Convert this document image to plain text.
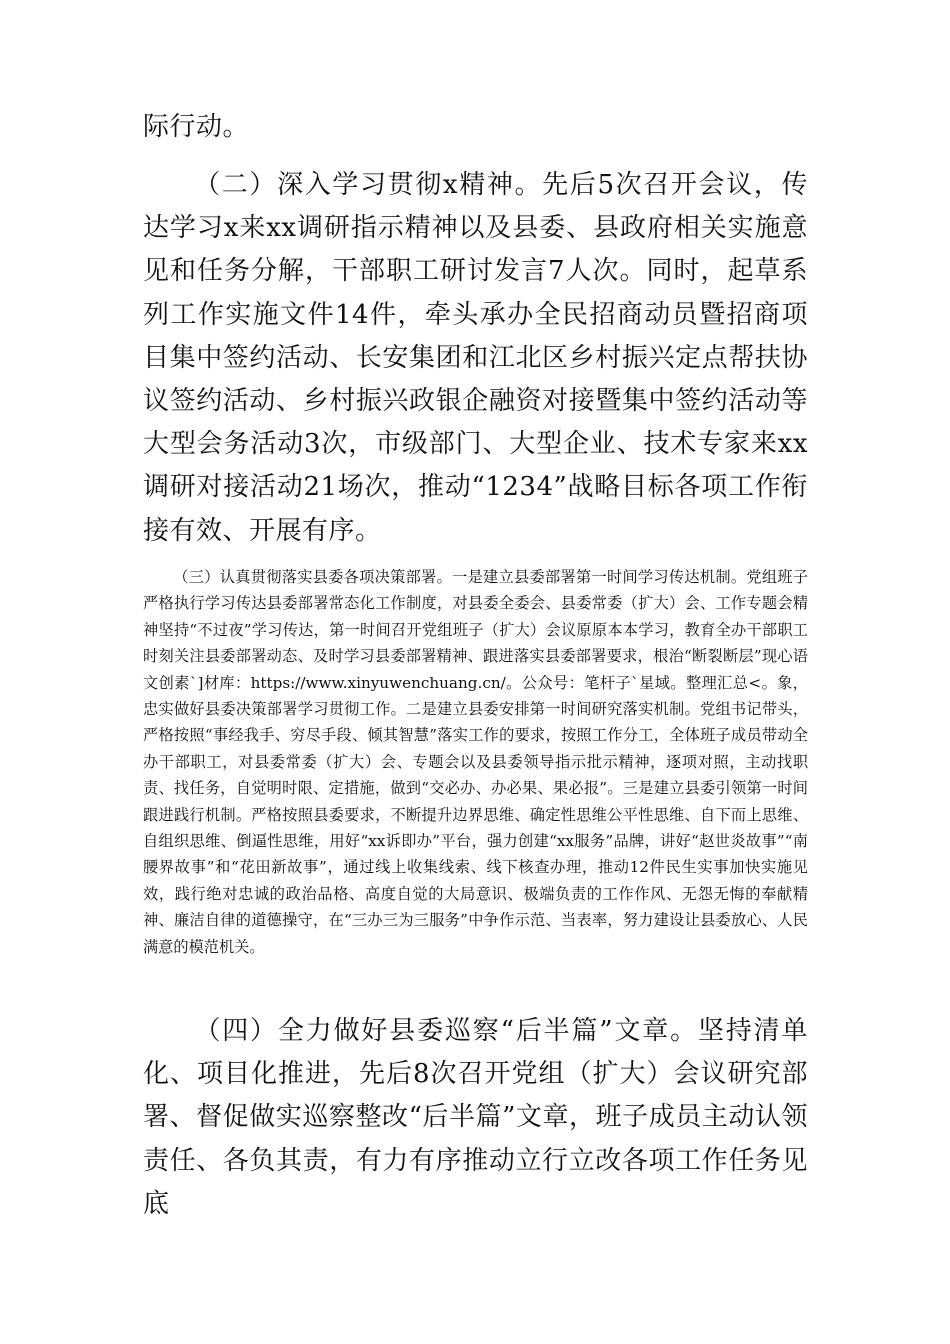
际行动。

（二）深入学习贯彻x精神。先后5次召开会议，传达学习x来xx调研指示精神以及县委、县政府相关实施意见和任务分解，干部职工研讨发言7人次。同时，起草系列工作实施文件14件，牵头承办全民招商动员暨招商项目集中签约活动、长安集团和江北区乡村振兴定点帮扶协议签约活动、乡村振兴政银企融资对接暨集中签约活动等大型会务活动3次，市级部门、大型企业、技术专家来xx调研对接活动21场次，推动“1234”战略目标各项工作衔接有效、开展有序。

（三）认真贯彻落实县委各项决策部署。一是建立县委部署第一时间学习传达机制。党组班子严格执行学习传达县委部署常态化工作制度，对县委全委会、县委常委（扩大）会、工作专题会精神坚持“不过夜”学习传达，第一时间召开党组班子（扩大）会议原原本本学习，教育全办干部职工时刻关注县委部署动态、及时学习县委部署精神、跟进落实县委部署要求，根治“断裂断层”现心语文创素`]材库：https://www.xinyuwenchuang.cn/。公众号：笔杆子`星域。整理汇总<。象，忠实做好县委决策部署学习贯彻工作。二是建立县委安排第一时间研究落实机制。党组书记带头，严格按照“事经我手、穷尽手段、倾其智慧”落实工作的要求，按照工作分工，全体班子成员带动全办干部职工，对县委常委（扩大）会、专题会以及县委领导指示批示精神，逐项对照，主动找职责、找任务，自觉明时限、定措施，做到“交必办、办必果、果必报”。三是建立县委引领第一时间跟进践行机制。严格按照县委要求，不断提升边界思维、确定性思维公平性思维、自下而上思维、自组织思维、倒逼性思维，用好“xx诉即办”平台，强力创建“xx服务”品牌，讲好“赵世炎故事”“南腰界故事”和“花田新故事”，通过线上收集线索、线下核查办理，推动12件民生实事加快实施见效，践行绝对忠诚的政治品格、高度自觉的大局意识、极端负责的工作作风、无怨无悔的奉献精神、廉洁自律的道德操守，在“三办三为三服务”中争作示范、当表率，努力建设让县委放心、人民满意的模范机关。

（四）全力做好县委巡察“后半篇”文章。坚持清单化、项目化推进，先后8次召开党组（扩大）会议研究部署、督促做实巡察整改“后半篇”文章，班子成员主动认领责任、各负其责，有力有序推动立行立改各项工作任务见底
